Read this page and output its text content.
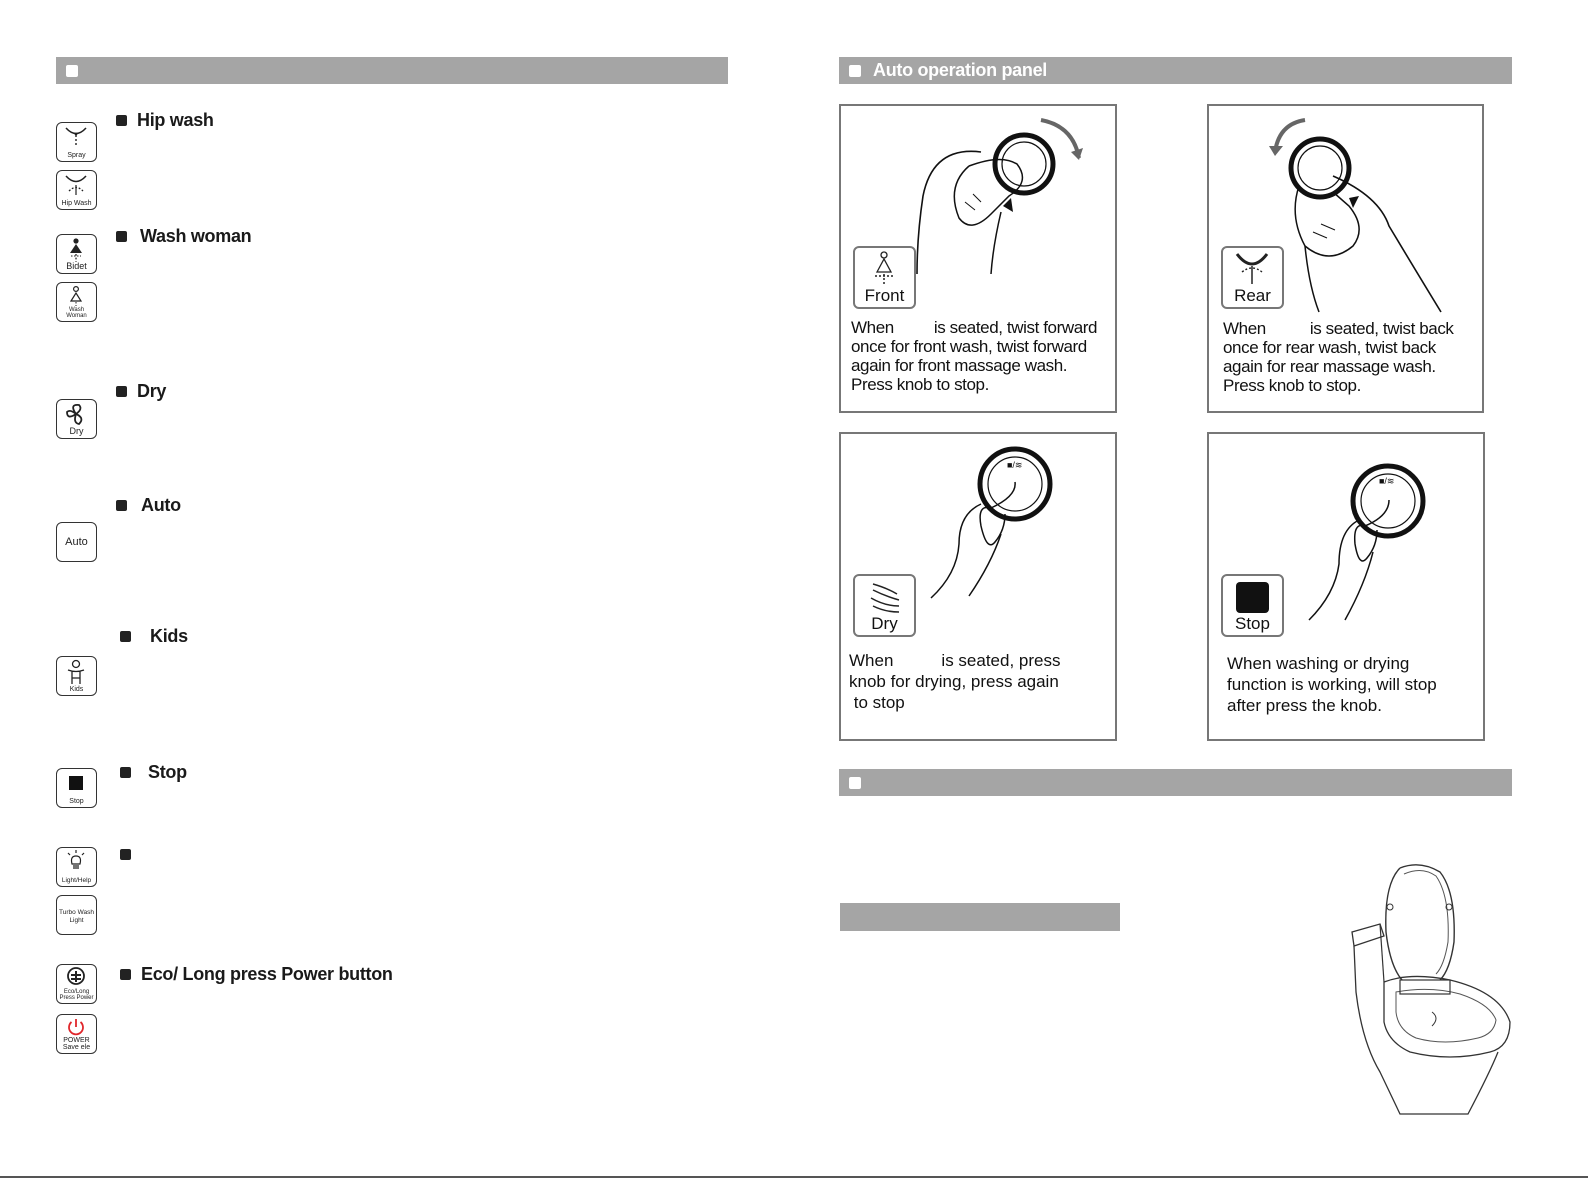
Spray
Hip Wash
Hip wash
Bidet
Wash
Woman
Wash woman
Dry
Dry
Auto
Auto
Kids
Kids
Stop
Stop
Light/Help
Turbo Wash
Light
Eco/Long
Press Power
POWER
Save ele
Eco/ Long press Power button
Auto operation panel
Front
When is seated, twist forward
once for front wash, twist forward
again for front massage wash.
Press knob to stop.
Rear
When	is seated, twist back
once for rear wash, twist back
again for rear massage wash.
Press knob to stop.
■/≋
Dry
When	is seated, press
knob for drying, press again
to stop
■/≋
Stop
When washing or drying
function is working, will stop
after press the knob.
